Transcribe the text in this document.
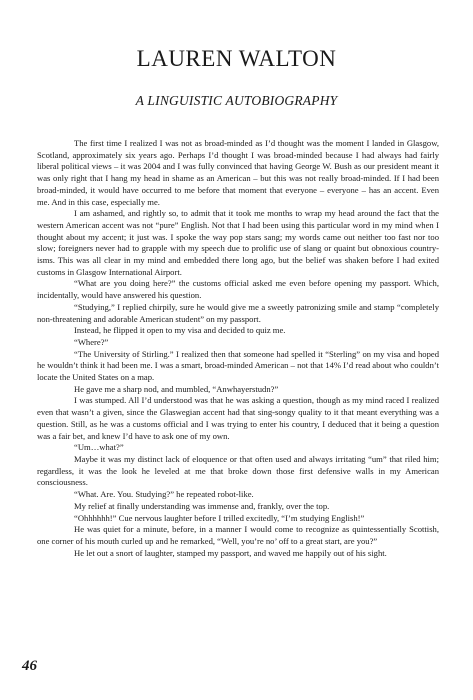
LAUREN WALTON
A LINGUISTIC AUTOBIOGRAPHY

The first time I realized I was not as broad-minded as I’d thought was the moment I landed in Glasgow, Scotland, approximately six years ago. Perhaps I’d thought I was broad-minded because I had always had fairly liberal political views – it was 2004 and I was fully convinced that having George W. Bush as our president meant it was only right that I hang my head in shame as an American – but this was not really broad-minded. If I had been broad-minded, it would have occurred to me before that moment that everyone – everyone – has an accent. Even me. And in this case, especially me.

I am ashamed, and rightly so, to admit that it took me months to wrap my head around the fact that the western American accent was not “pure” English. Not that I had been using this particular word in my mind when I thought about my accent; it just was. I spoke the way pop stars sang; my words came out neither too fast nor too slow; foreigners never had to grapple with my speech due to prolific use of slang or quaint but obnoxious country-isms. This was all clear in my mind and embedded there long ago, but the belief was shaken before I had exited customs in Glasgow International Airport.

“What are you doing here?” the customs official asked me even before opening my passport. Which, incidentally, would have answered his question.

“Studying,” I replied chirpily, sure he would give me a sweetly patronizing smile and stamp “completely non-threatening and adorable American student” on my passport.

Instead, he flipped it open to my visa and decided to quiz me.

“Where?”

“The University of Stirling.” I realized then that someone had spelled it “Sterling” on my visa and hoped he wouldn’t think it had been me. I was a smart, broad-minded American – not that 14% I’d read about who couldn’t locate the United States on a map.

He gave me a sharp nod, and mumbled, “Anwhayerstudn?”

I was stumped. All I’d understood was that he was asking a question, though as my mind raced I realized even that wasn’t a given, since the Glaswegian accent had that sing-songy quality to it that meant everything was a question. Still, as he was a customs official and I was trying to enter his country, I deduced that it being a question was a fair bet, and knew I’d have to ask one of my own.

“Um…what?”

Maybe it was my distinct lack of eloquence or that often used and always irritating “um” that riled him; regardless, it was the look he leveled at me that broke down those first defensive walls in my American consciousness.

“What. Are. You. Studying?” he repeated robot-like.

My relief at finally understanding was immense and, frankly, over the top.

“Ohhhhhh!” Cue nervous laughter before I trilled excitedly, “I’m studying English!”

He was quiet for a minute, before, in a manner I would come to recognize as quintessentially Scottish, one corner of his mouth curled up and he remarked, “Well, you’re no’ off to a great start, are you?”

He let out a snort of laughter, stamped my passport, and waved me happily out of his sight.

46
